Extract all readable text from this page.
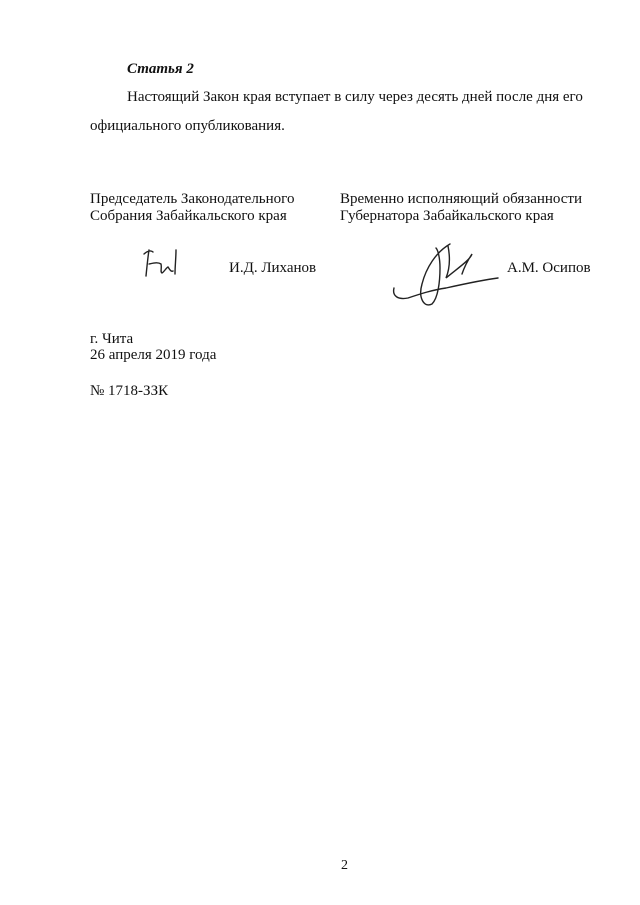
Статья 2
Настоящий Закон края вступает в силу через десять дней после дня его
официального опубликования.
Председатель Законодательного
Собрания Забайкальского края
Временно исполняющий обязанности
Губернатора Забайкальского края
И.Д. Лиханов	А.М. Осипов
г. Чита
26 апреля 2019 года
№ 1718-ЗЗК
2
